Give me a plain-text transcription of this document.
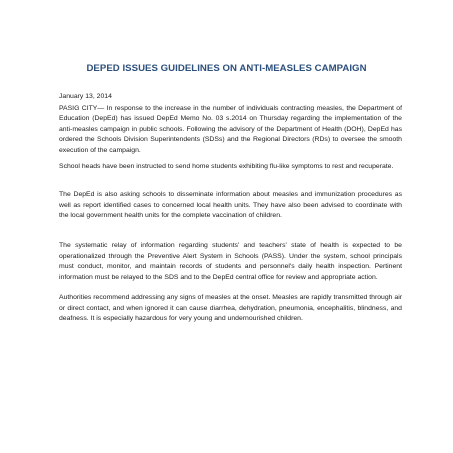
DEPED ISSUES GUIDELINES ON ANTI-MEASLES CAMPAIGN
January 13, 2014

PASIG CITY— In response to the increase in the number of individuals contracting measles, the Department of Education (DepEd) has issued DepEd Memo No. 03 s.2014 on Thursday regarding the implementation of the anti-measles campaign in public schools. Following the advisory of the Department of Health (DOH), DepEd has ordered the Schools Division Superintendents (SDSs) and the Regional Directors (RDs) to oversee the smooth execution of the campaign.

School heads have been instructed to send home students exhibiting flu-like symptoms to rest and recuperate.

The DepEd is also asking schools to disseminate information about measles and immunization procedures as well as report identified cases to concerned local health units. They have also been advised to coordinate with the local government health units for the complete vaccination of children.

The systematic relay of information regarding students' and teachers' state of health is expected to be operationalized through the Preventive Alert System in Schools (PASS). Under the system, school principals must conduct, monitor, and maintain records of students and personnel's daily health inspection. Pertinent information must be relayed to the SDS and to the DepEd central office for review and appropriate action.

Authorities recommend addressing any signs of measles at the onset. Measles are rapidly transmitted through air or direct contact, and when ignored it can cause diarrhea, dehydration, pneumonia, encephalitis, blindness, and deafness. It is especially hazardous for very young and undernourished children.
